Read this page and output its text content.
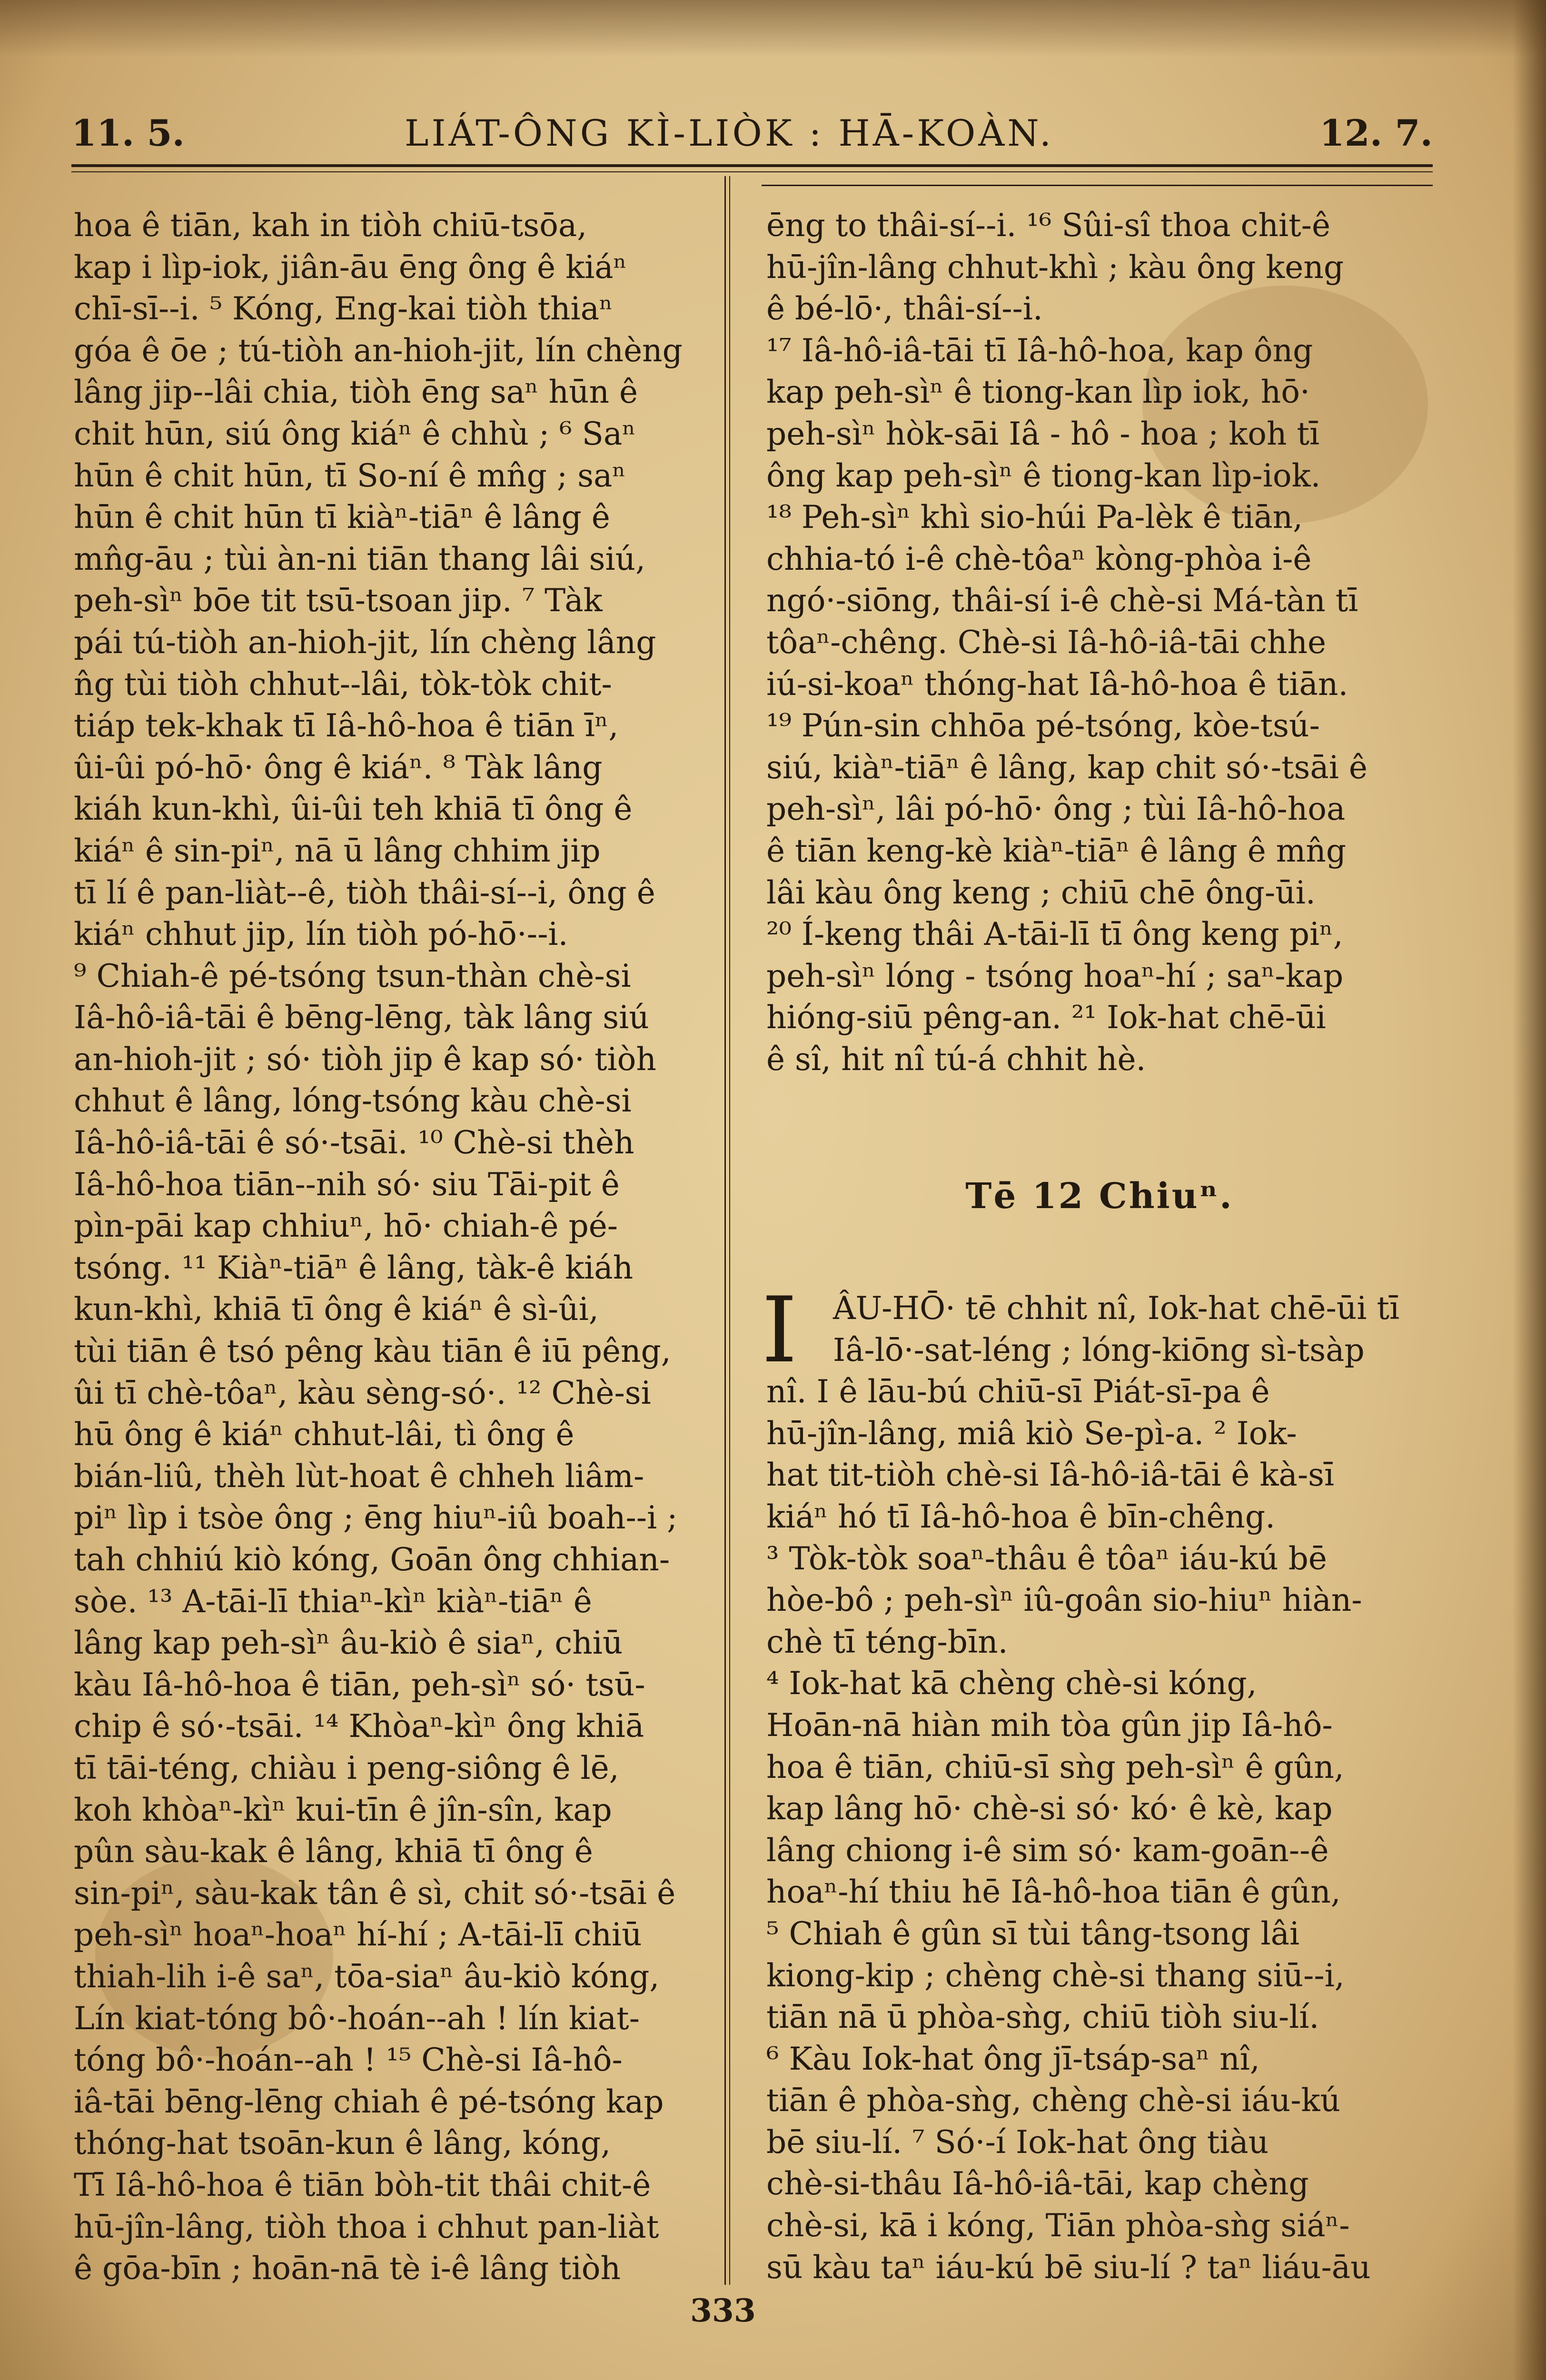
11. 5.	LIÁT-ÔNG KÌ-LIÒK : HĀ-KOÀN.	12. 7.
hoa ê tiān, kah in tiòh chiū-tsōa,
kap i lìp-iok, jiân-āu ēng ông ê kiáⁿ
chī-sī--i. ⁵ Kóng, Eng-kai tiòh thiaⁿ
góa ê ōe ; tú-tiòh an-hioh-jit, lín chèng
lâng jip--lâi chia, tiòh ēng saⁿ hūn ê
chit hūn, siú ông kiáⁿ ê chhù ; ⁶ Saⁿ
hūn ê chit hūn, tī So-ní ê mn̂g ; saⁿ
hūn ê chit hūn tī kiàⁿ-tiāⁿ ê lâng ê
mn̂g-āu ; tùi àn-ni tiān thang lâi siú,
peh-sìⁿ bōe tit tsū-tsoan jip. ⁷ Tàk
pái tú-tiòh an-hioh-jit, lín chèng lâng
n̂g tùi tiòh chhut--lâi, tòk-tòk chit-
tiáp tek-khak tī Iâ-hô-hoa ê tiān īⁿ,
ûi-ûi pó-hō· ông ê kiáⁿ. ⁸ Tàk lâng
kiáh kun-khì, ûi-ûi teh khiā tī ông ê
kiáⁿ ê sin-piⁿ, nā ū lâng chhim jip
tī lí ê pan-liàt--ê, tiòh thâi-sí--i, ông ê
kiáⁿ chhut jip, lín tiòh pó-hō·--i.
⁹ Chiah-ê pé-tsóng tsun-thàn chè-si
Iâ-hô-iâ-tāi ê bēng-lēng, tàk lâng siú
an-hioh-jit ; só· tiòh jip ê kap só· tiòh
chhut ê lâng, lóng-tsóng kàu chè-si
Iâ-hô-iâ-tāi ê só·-tsāi. ¹⁰ Chè-si thèh
Iâ-hô-hoa tiān--nih só· siu Tāi-pit ê
pìn-pāi kap chhiuⁿ, hō· chiah-ê pé-
tsóng. ¹¹ Kiàⁿ-tiāⁿ ê lâng, tàk-ê kiáh
kun-khì, khiā tī ông ê kiáⁿ ê sì-ûi,
tùi tiān ê tsó pêng kàu tiān ê iū pêng,
ûi tī chè-tôaⁿ, kàu sèng-só·. ¹² Chè-si
hū ông ê kiáⁿ chhut-lâi, tì ông ê
bián-liû, thèh lùt-hoat ê chheh liâm-
piⁿ lìp i tsòe ông ; ēng hiuⁿ-iû boah--i ;
tah chhiú kiò kóng, Goān ông chhian-
sòe. ¹³ A-tāi-lī thiaⁿ-kìⁿ kiàⁿ-tiāⁿ ê
lâng kap peh-sìⁿ âu-kiò ê siaⁿ, chiū
kàu Iâ-hô-hoa ê tiān, peh-sìⁿ só· tsū-
chip ê só·-tsāi. ¹⁴ Khòaⁿ-kìⁿ ông khiā
tī tāi-téng, chiàu i peng-siông ê lē,
koh khòaⁿ-kìⁿ kui-tīn ê jîn-sîn, kap
pûn sàu-kak ê lâng, khiā tī ông ê
sin-piⁿ, sàu-kak tân ê sì, chit só·-tsāi ê
peh-sìⁿ hoaⁿ-hoaⁿ hí-hí ; A-tāi-lī chiū
thiah-lih i-ê saⁿ, tōa-siaⁿ âu-kiò kóng,
Lín kiat-tóng bô·-hoán--ah ! lín kiat-
tóng bô·-hoán--ah ! ¹⁵ Chè-si Iâ-hô-
iâ-tāi bēng-lēng chiah ê pé-tsóng kap
thóng-hat tsoān-kun ê lâng, kóng,
Tī Iâ-hô-hoa ê tiān bòh-tit thâi chit-ê
hū-jîn-lâng, tiòh thoa i chhut pan-liàt
ê gōa-bīn ; hoān-nā tè i-ê lâng tiòh
ēng to thâi-sí--i. ¹⁶ Sûi-sî thoa chit-ê
hū-jîn-lâng chhut-khì ; kàu ông keng
ê bé-lō·, thâi-sí--i.
¹⁷ Iâ-hô-iâ-tāi tī Iâ-hô-hoa, kap ông
kap peh-sìⁿ ê tiong-kan lìp iok, hō·
peh-sìⁿ hòk-sāi Iâ - hô - hoa ; koh tī
ông kap peh-sìⁿ ê tiong-kan lìp-iok.
¹⁸ Peh-sìⁿ khì sio-húi Pa-lèk ê tiān,
chhia-tó i-ê chè-tôaⁿ kòng-phòa i-ê
ngó·-siōng, thâi-sí i-ê chè-si Má-tàn tī
tôaⁿ-chêng. Chè-si Iâ-hô-iâ-tāi chhe
iú-si-koaⁿ thóng-hat Iâ-hô-hoa ê tiān.
¹⁹ Pún-sin chhōa pé-tsóng, kòe-tsú-
siú, kiàⁿ-tiāⁿ ê lâng, kap chit só·-tsāi ê
peh-sìⁿ, lâi pó-hō· ông ; tùi Iâ-hô-hoa
ê tiān keng-kè kiàⁿ-tiāⁿ ê lâng ê mn̂g
lâi kàu ông keng ; chiū chē ông-ūi.
²⁰ Í-keng thâi A-tāi-lī tī ông keng piⁿ,
peh-sìⁿ lóng - tsóng hoaⁿ-hí ; saⁿ-kap
hióng-siū pêng-an. ²¹ Iok-hat chē-ūi
ê sî, hit nî tú-á chhit hè.
Tē 12 Chiuⁿ.
I	ÂU-HŌ· tē chhit nî, Iok-hat chē-ūi tī
Iâ-lō·-sat-léng ; lóng-kiōng sì-tsàp
nî. I ê lāu-bú chiū-sī Piát-sī-pa ê
hū-jîn-lâng, miâ kiò Se-pì-a. ² Iok-
hat tit-tiòh chè-si Iâ-hô-iâ-tāi ê kà-sī
kiáⁿ hó tī Iâ-hô-hoa ê bīn-chêng.
³ Tòk-tòk soaⁿ-thâu ê tôaⁿ iáu-kú bē
hòe-bô ; peh-sìⁿ iû-goân sio-hiuⁿ hiàn-
chè tī téng-bīn.
⁴ Iok-hat kā chèng chè-si kóng,
Hoān-nā hiàn mih tòa gûn jip Iâ-hô-
hoa ê tiān, chiū-sī sǹg peh-sìⁿ ê gûn,
kap lâng hō· chè-si só· kó· ê kè, kap
lâng chiong i-ê sim só· kam-goān--ê
hoaⁿ-hí thiu hē Iâ-hô-hoa tiān ê gûn,
⁵ Chiah ê gûn sī tùi tâng-tsong lâi
kiong-kip ; chèng chè-si thang siū--i,
tiān nā ū phòa-sǹg, chiū tiòh siu-lí.
⁶ Kàu Iok-hat ông jī-tsáp-saⁿ nî,
tiān ê phòa-sǹg, chèng chè-si iáu-kú
bē siu-lí. ⁷ Só·-í Iok-hat ông tiàu
chè-si-thâu Iâ-hô-iâ-tāi, kap chèng
chè-si, kā i kóng, Tiān phòa-sǹg siáⁿ-
sū kàu taⁿ iáu-kú bē siu-lí ? taⁿ liáu-āu
333
